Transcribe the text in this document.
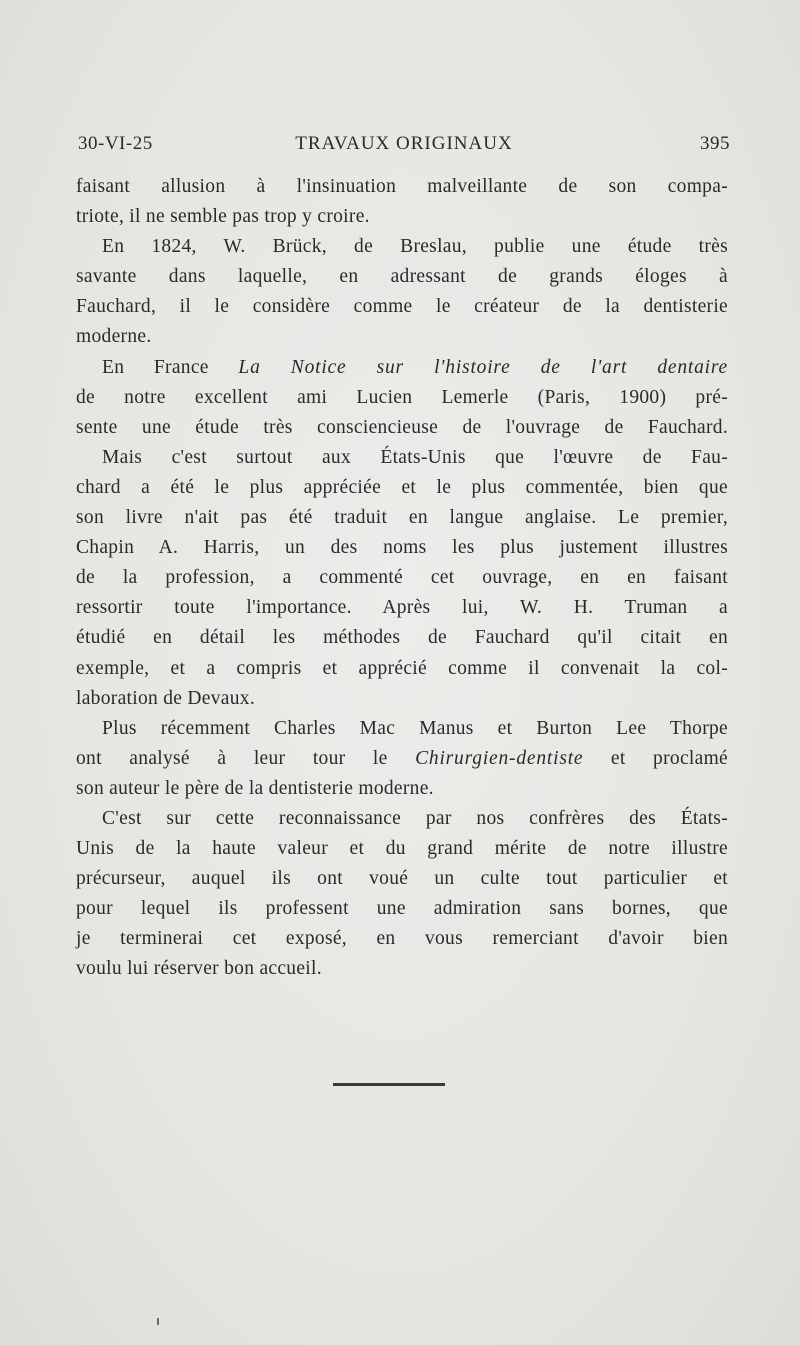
30-VI-25	TRAVAUX ORIGINAUX	395
faisant allusion à l'insinuation malveillante de son compa-
triote, il ne semble pas trop y croire.
En 1824, W. Brück, de Breslau, publie une étude très
savante dans laquelle, en adressant de grands éloges à
Fauchard, il le considère comme le créateur de la dentisterie
moderne.
En France La Notice sur l'histoire de l'art dentaire
de notre excellent ami Lucien Lemerle (Paris, 1900) pré-
sente une étude très consciencieuse de l'ouvrage de Fauchard.
Mais c'est surtout aux États-Unis que l'œuvre de Fau-
chard a été le plus appréciée et le plus commentée, bien que
son livre n'ait pas été traduit en langue anglaise. Le premier,
Chapin A. Harris, un des noms les plus justement illustres
de la profession, a commenté cet ouvrage, en en faisant
ressortir toute l'importance. Après lui, W. H. Truman a
étudié en détail les méthodes de Fauchard qu'il citait en
exemple, et a compris et apprécié comme il convenait la col-
laboration de Devaux.
Plus récemment Charles Mac Manus et Burton Lee Thorpe
ont analysé à leur tour le Chirurgien-dentiste et proclamé
son auteur le père de la dentisterie moderne.
C'est sur cette reconnaissance par nos confrères des États-
Unis de la haute valeur et du grand mérite de notre illustre
précurseur, auquel ils ont voué un culte tout particulier et
pour lequel ils professent une admiration sans bornes, que
je terminerai cet exposé, en vous remerciant d'avoir bien
voulu lui réserver bon accueil.
